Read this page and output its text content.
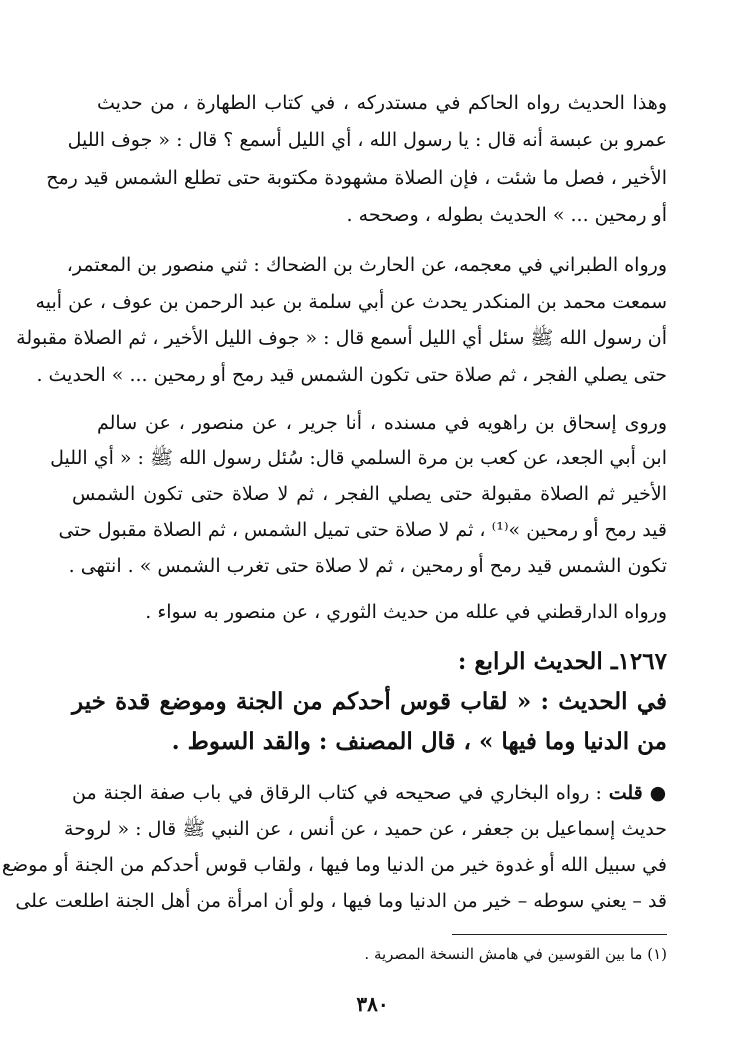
وهذا الحديث رواه الحاكم في مستدركه ، في كتاب الطهارة ، من حديث
عمرو بن عبسة أنه قال : يا رسول الله ، أي الليل أسمع ؟ قال : « جوف الليل
الأخير ، فصل ما شئت ، فإن الصلاة مشهودة مكتوبة حتى تطلع الشمس قيد رمح
أو رمحين ... » الحديث بطوله ، وصححه .
ورواه الطبراني في معجمه، عن الحارث بن الضحاك : ثني منصور بن المعتمر،
سمعت محمد بن المنكدر يحدث عن أبي سلمة بن عبد الرحمن بن عوف ، عن أبيه
أن رسول الله ﷺ سئل أي الليل أسمع قال : « جوف الليل الأخير ، ثم الصلاة مقبولة
حتى يصلي الفجر ، ثم صلاة حتى تكون الشمس قيد رمح أو رمحين ... » الحديث .
وروى إسحاق بن راهويه في مسنده ، أنا جرير ، عن منصور ، عن سالم
ابن أبي الجعد، عن كعب بن مرة السلمي قال: سُئل رسول الله ﷺ : « أي الليل
الأخير ثم الصلاة مقبولة حتى يصلي الفجر ، ثم لا صلاة حتى تكون الشمس
قيد رمح أو رمحين »⁽¹⁾ ، ثم لا صلاة حتى تميل الشمس ، ثم الصلاة مقبول حتى
تكون الشمس قيد رمح أو رمحين ، ثم لا صلاة حتى تغرب الشمس » . انتهى .
ورواه الدارقطني في علله من حديث الثوري ، عن منصور به سواء .
١٢٦٧ـ الحديث الرابع :
في الحديث : « لقاب قوس أحدكم من الجنة وموضع قدة خير
من الدنيا وما فيها » ، قال المصنف : والقد السوط .
● قلت : رواه البخاري في صحيحه في كتاب الرقاق في باب صفة الجنة من
حديث إسماعيل بن جعفر ، عن حميد ، عن أنس ، عن النبي ﷺ قال : « لروحة
في سبيل الله أو غدوة خير من الدنيا وما فيها ، ولقاب قوس أحدكم من الجنة أو موضع
قد – يعني سوطه – خير من الدنيا وما فيها ، ولو أن امرأة من أهل الجنة اطلعت على
(١) ما بين القوسين في هامش النسخة المصرية .
٣٨٠
